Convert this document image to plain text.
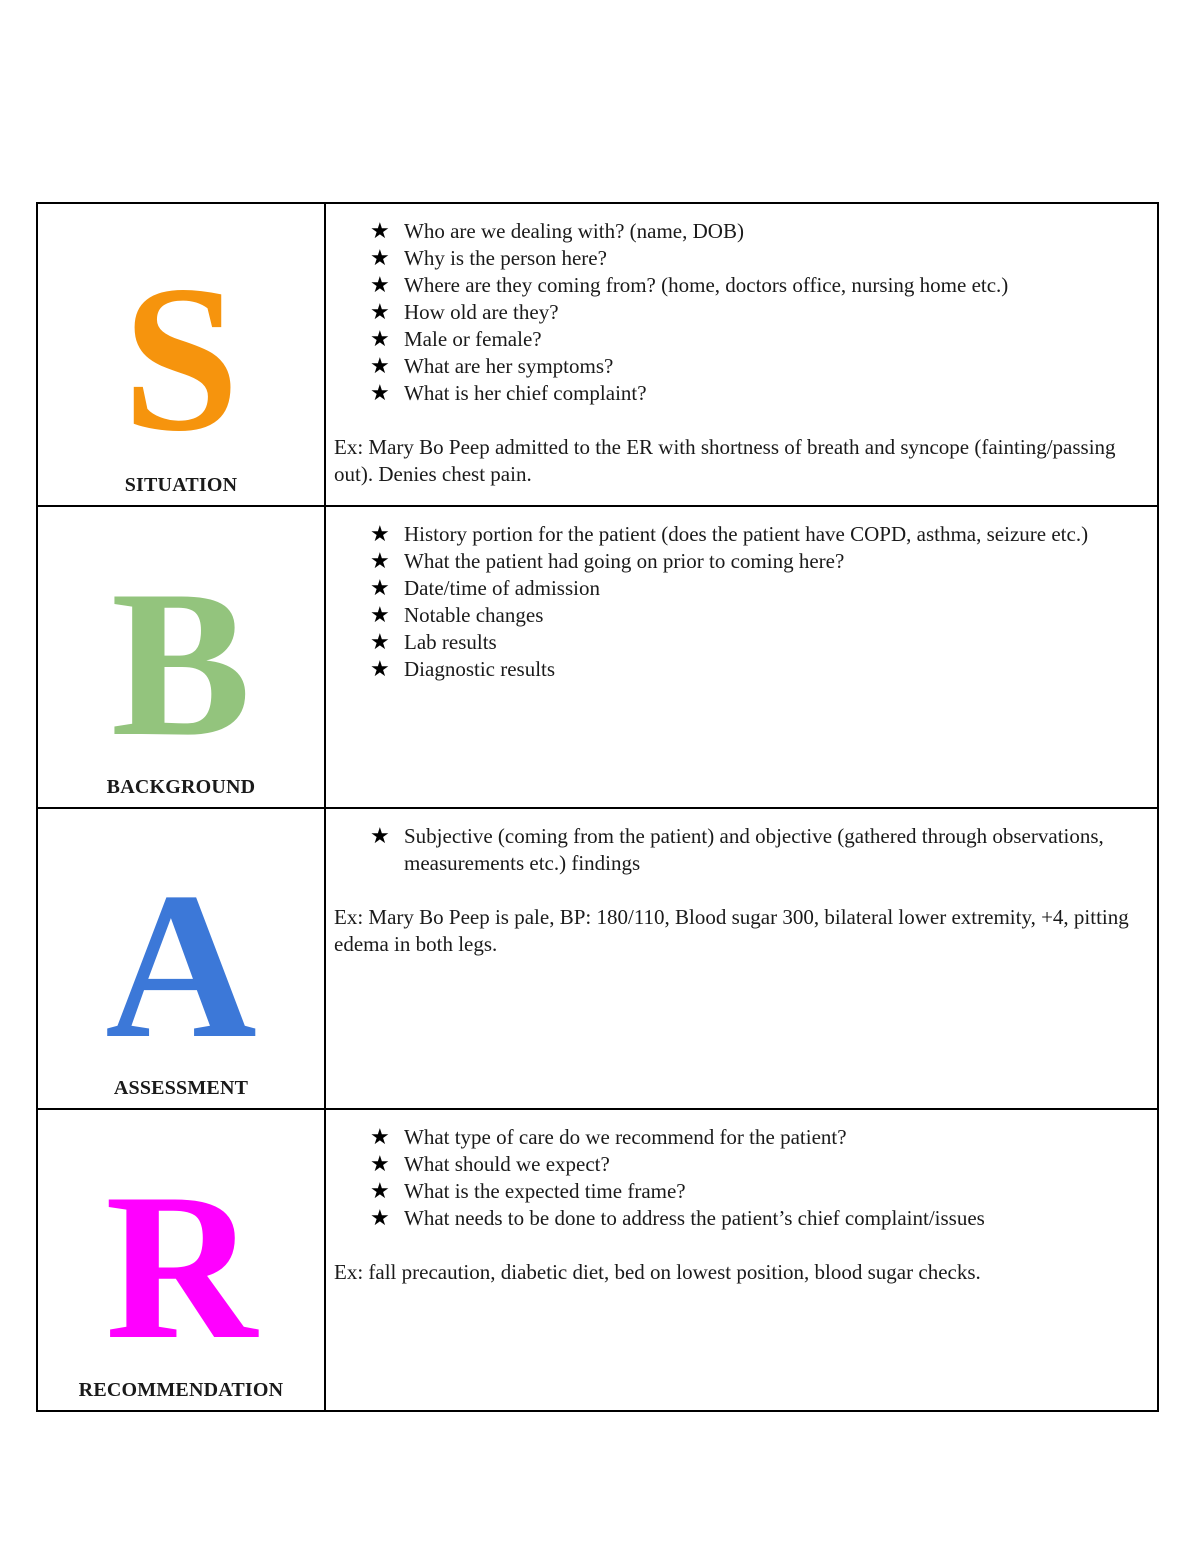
S
SITUATION
★ Who are we dealing with? (name, DOB)
★ Why is the person here?
★ Where are they coming from? (home, doctors office, nursing home etc.)
★ How old are they?
★ Male or female?
★ What are her symptoms?
★ What is her chief complaint?
Ex: Mary Bo Peep admitted to the ER with shortness of breath and syncope (fainting/passing out). Denies chest pain.
B
BACKGROUND
★ History portion for the patient (does the patient have COPD, asthma, seizure etc.)
★ What the patient had going on prior to coming here?
★ Date/time of admission
★ Notable changes
★ Lab results
★ Diagnostic results
A
ASSESSMENT
★ Subjective (coming from the patient) and objective (gathered through observations, measurements etc.) findings
Ex: Mary Bo Peep is pale, BP: 180/110, Blood sugar 300, bilateral lower extremity, +4, pitting edema in both legs.
R
RECOMMENDATION
★ What type of care do we recommend for the patient?
★ What should we expect?
★ What is the expected time frame?
★ What needs to be done to address the patient’s chief complaint/issues
Ex: fall precaution, diabetic diet, bed on lowest position, blood sugar checks.
